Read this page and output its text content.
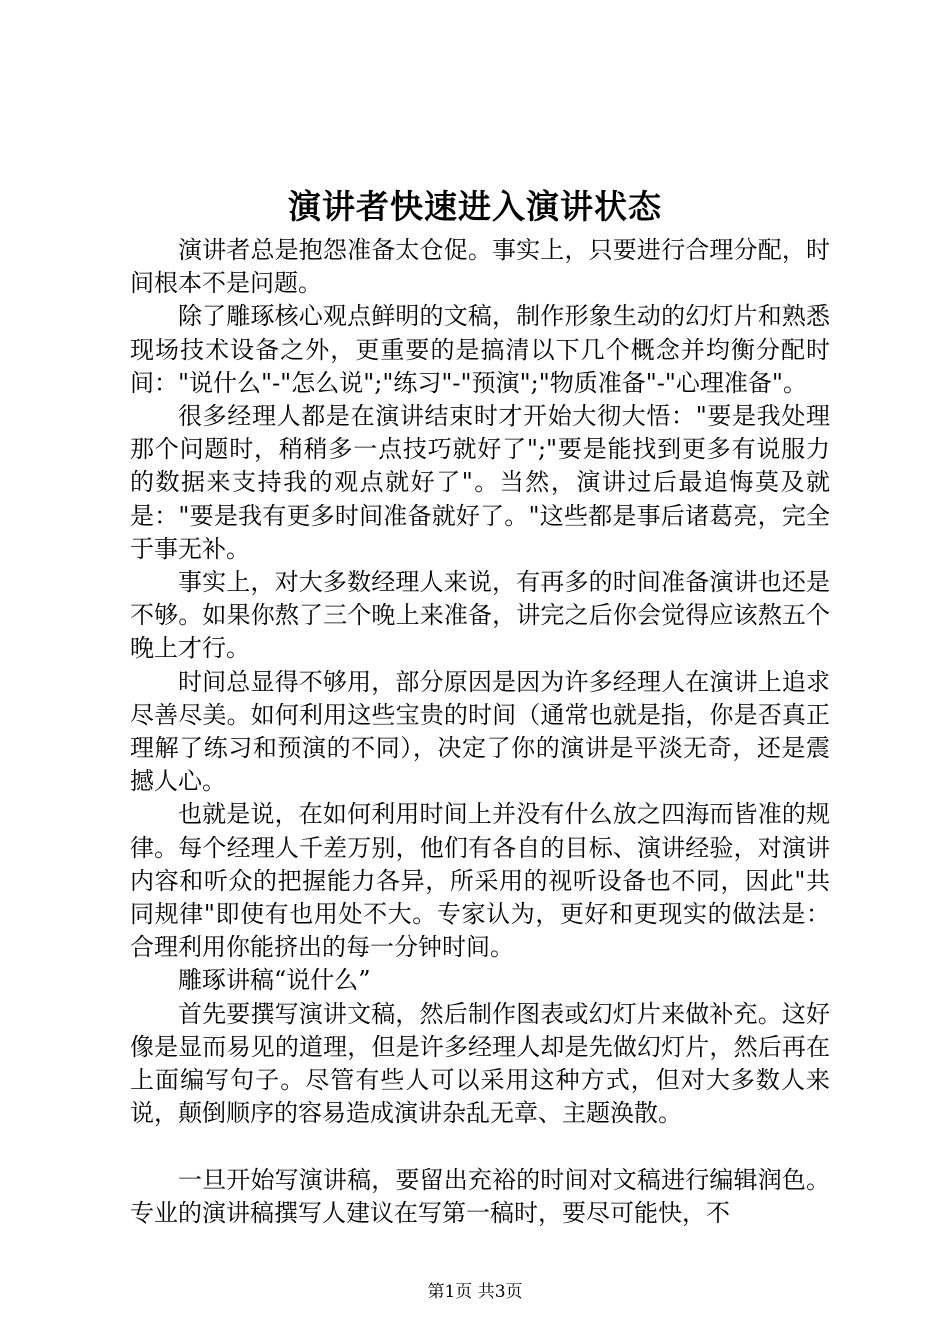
演讲者快速进入演讲状态

演讲者总是抱怨准备太仓促。事实上，只要进行合理分配，时间根本不是问题。

除了雕琢核心观点鲜明的文稿，制作形象生动的幻灯片和熟悉现场技术设备之外，更重要的是搞清以下几个概念并均衡分配时间："说什么"-"怎么说";"练习"-"预演";"物质准备"-"心理准备"。

很多经理人都是在演讲结束时才开始大彻大悟："要是我处理那个问题时，稍稍多一点技巧就好了";"要是能找到更多有说服力的数据来支持我的观点就好了"。当然，演讲过后最追悔莫及就是："要是我有更多时间准备就好了。"这些都是事后诸葛亮，完全于事无补。

事实上，对大多数经理人来说，有再多的时间准备演讲也还是不够。如果你熬了三个晚上来准备，讲完之后你会觉得应该熬五个晚上才行。

时间总显得不够用，部分原因是因为许多经理人在演讲上追求尽善尽美。如何利用这些宝贵的时间（通常也就是指，你是否真正理解了练习和预演的不同），决定了你的演讲是平淡无奇，还是震撼人心。

也就是说，在如何利用时间上并没有什么放之四海而皆准的规律。每个经理人千差万别，他们有各自的目标、演讲经验，对演讲内容和听众的把握能力各异，所采用的视听设备也不同，因此"共同规律"即使有也用处不大。专家认为，更好和更现实的做法是：合理利用你能挤出的每一分钟时间。

雕琢讲稿“说什么”

首先要撰写演讲文稿，然后制作图表或幻灯片来做补充。这好像是显而易见的道理，但是许多经理人却是先做幻灯片，然后再在上面编写句子。尽管有些人可以采用这种方式，但对大多数人来说，颠倒顺序的容易造成演讲杂乱无章、主题涣散。

一旦开始写演讲稿，要留出充裕的时间对文稿进行编辑润色。专业的演讲稿撰写人建议在写第一稿时，要尽可能快，不

第1页 共3页
